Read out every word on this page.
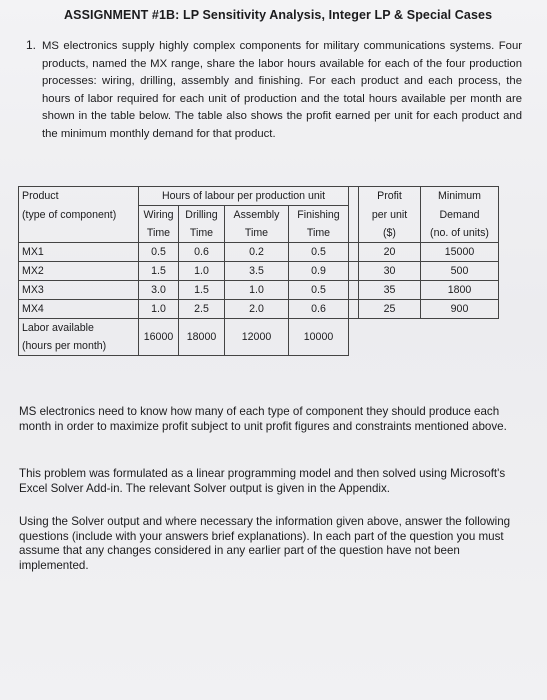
ASSIGNMENT #1B: LP Sensitivity Analysis, Integer LP & Special Cases
1. MS electronics supply highly complex components for military communications systems. Four products, named the MX range, share the labor hours available for each of the four production processes: wiring, drilling, assembly and finishing. For each product and each process, the hours of labor required for each unit of production and the total hours available per month are shown in the table below. The table also shows the profit earned per unit for each product and the minimum monthly demand for that product.
Product	Hours of labour per production unit					Profit	Minimum
(type of component)	Wiring	Drilling	Assembly	Finishing		per unit	Demand
	Time	Time	Time	Time		($)	(no. of units)
MX1	0.5	0.6	0.2	0.5		20	15000
MX2	1.5	1.0	3.5	0.9		30	500
MX3	3.0	1.5	1.0	0.5		35	1800
MX4	1.0	2.5	2.0	0.6		25	900
Labor available	16000	18000	12000	10000			
(hours per month)							
MS electronics need to know how many of each type of component they should produce each month in order to maximize profit subject to unit profit figures and constraints mentioned above.
This problem was formulated as a linear programming model and then solved using Microsoft's Excel Solver Add-in. The relevant Solver output is given in the Appendix.
Using the Solver output and where necessary the information given above, answer the following questions (include with your answers brief explanations). In each part of the question you must assume that any changes considered in any earlier part of the question have not been implemented.
